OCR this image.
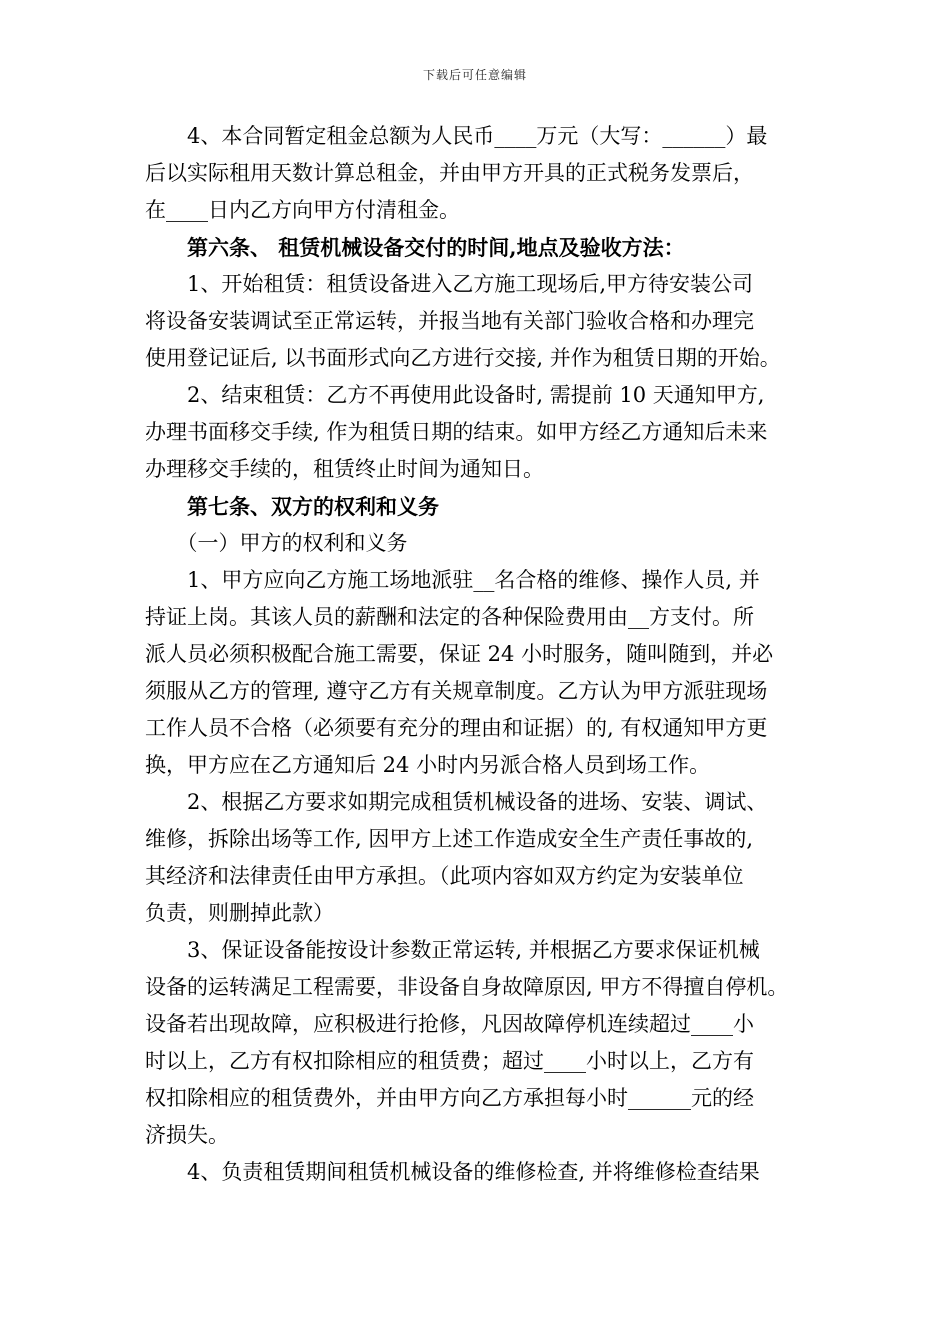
下载后可任意编辑
　　4、本合同暂定租金总额为人民币____万元（大写：______）最
后以实际租用天数计算总租金，并由甲方开具的正式税务发票后，
在____日内乙方向甲方付清租金。
　　第六条、 租赁机械设备交付的时间,地点及验收方法：
　　1、开始租赁：租赁设备进入乙方施工现场后,甲方待安装公司
将设备安装调试至正常运转，并报当地有关部门验收合格和办理完
使用登记证后, 以书面形式向乙方进行交接, 并作为租赁日期的开始。
　　2、结束租赁：乙方不再使用此设备时, 需提前 10 天通知甲方,
办理书面移交手续, 作为租赁日期的结束。如甲方经乙方通知后未来
办理移交手续的，租赁终止时间为通知日。
　　第七条、双方的权利和义务
　　（一）甲方的权利和义务
　　1、甲方应向乙方施工场地派驻__名合格的维修、操作人员, 并
持证上岗。其该人员的薪酬和法定的各种保险费用由__方支付。所
派人员必须积极配合施工需要，保证 24 小时服务，随叫随到，并必
须服从乙方的管理, 遵守乙方有关规章制度。乙方认为甲方派驻现场
工作人员不合格（必须要有充分的理由和证据）的, 有权通知甲方更
换，甲方应在乙方通知后 24 小时内另派合格人员到场工作。
　　2、根据乙方要求如期完成租赁机械设备的进场、安装、调试、
维修，拆除出场等工作, 因甲方上述工作造成安全生产责任事故的,
其经济和法律责任由甲方承担。（此项内容如双方约定为安装单位
负责，则删掉此款）
　　3、保证设备能按设计参数正常运转, 并根据乙方要求保证机械
设备的运转满足工程需要，非设备自身故障原因, 甲方不得擅自停机。
设备若出现故障，应积极进行抢修，凡因故障停机连续超过____小
时以上，乙方有权扣除相应的租赁费；超过____小时以上，乙方有
权扣除相应的租赁费外，并由甲方向乙方承担每小时______元的经
济损失。
　　4、负责租赁期间租赁机械设备的维修检查, 并将维修检查结果
